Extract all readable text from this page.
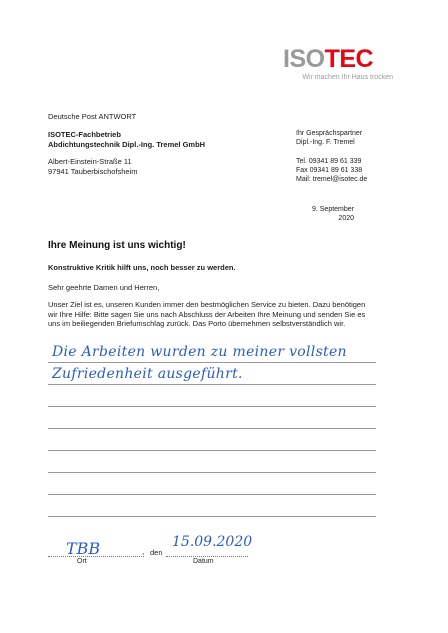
ISOTEC
Wir machen Ihr Haus trocken
Deutsche Post ANTWORT
ISOTEC-Fachbetrieb
Abdichtungstechnik Dipl.-Ing. Tremel GmbH
Albert-Einstein-Straße 11
97941 Tauberbischofsheim
Ihr Gesprächspartner
Dipl.-Ing. F. Tremel
Tel. 09341 89 61 339
Fax 09341 89 61 338
Mail: tremel@isotec.de
9. September 2020
Ihre Meinung ist uns wichtig!
Konstruktive Kritik hilft uns, noch besser zu werden.
Sehr geehrte Damen und Herren,
Unser Ziel ist es, unseren Kunden immer den bestmöglichen Service zu bieten. Dazu benötigen wir Ihre Hilfe: Bitte sagen Sie uns nach Abschluss der Arbeiten Ihre Meinung und senden Sie es uns im beiliegenden Briefumschlag zurück. Das Porto übernehmen selbstverständlich wir.
Die Arbeiten wurden zu meiner vollsten
Zufriedenheit ausgeführt.
TBB	15.09.2020
, den
Ort	Datum
